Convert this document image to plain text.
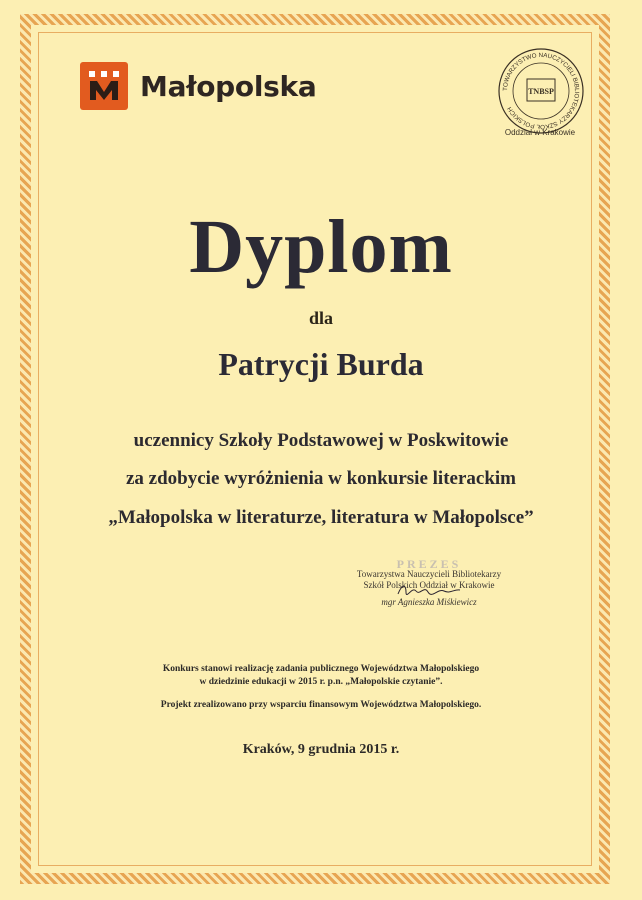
Małopolska	TOWARZYSTWO NAUCZYCIELI BIBLIOTEKARZY SZKÓŁ POLSKICH
TNBSP
Oddział w Krakowie
Dyplom
dla
Patrycji Burda
uczennicy Szkoły Podstawowej w Poskwitowie
za zdobycie wyróżnienia w konkursie literackim
„Małopolska w literaturze, literatura w Małopolsce”
PREZES
Towarzystwa Nauczycieli Bibliotekarzy
Szkół Polskich Oddział w Krakowie
mgr Agnieszka Miśkiewicz
Konkurs stanowi realizację zadania publicznego Województwa Małopolskiego
w dziedzinie edukacji w 2015 r. p.n. „Małopolskie czytanie”.
Projekt zrealizowano przy wsparciu finansowym Województwa Małopolskiego.
Kraków, 9 grudnia 2015 r.
